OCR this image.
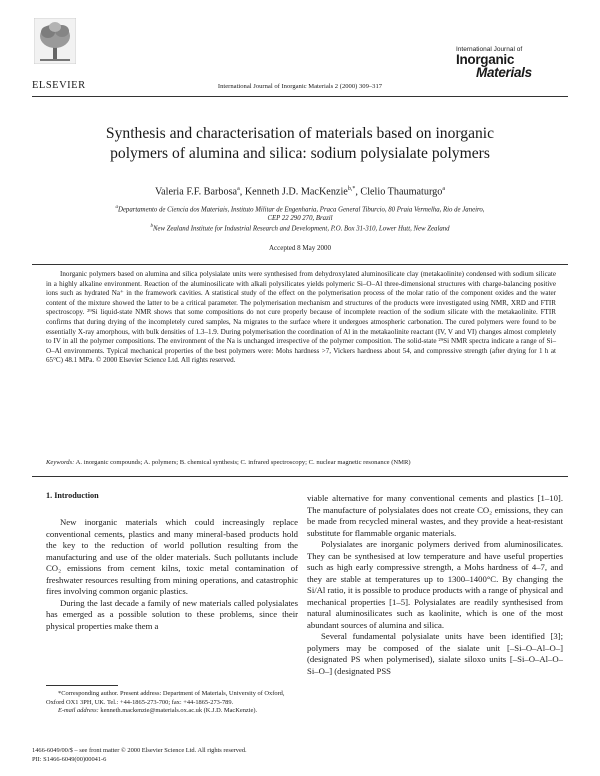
ELSEVIER	International Journal of Inorganic Materials 2 (2000) 309–317
International Journal of
Inorganic
Materials
Synthesis and characterisation of materials based on inorganic
polymers of alumina and silica: sodium polysialate polymers
Valeria F.F. Barbosa$^a$, Kenneth J.D. MacKenzie$^{b,*}$, Clelio Thaumaturgo$^a$
$^a$Departamento de Ciencia dos Materiais, Instituto Militar de Engenharia, Praca General Tiburcio, 80 Praia Vermelha, Rio de Janeiro,
CEP 22 290 270, Brazil
$^b$New Zealand Institute for Industrial Research and Development, P.O. Box 31-310, Lower Hutt, New Zealand
Accepted 8 May 2000

Inorganic polymers based on alumina and silica polysialate units were synthesised from dehydroxylated aluminosilicate clay (metakaolinite) condensed with sodium silicate in a highly alkaline environment. Reaction of the aluminosilicate with alkali polysilicates yields polymeric Si–O–Al three-dimensional structures with charge-balancing positive ions such as hydrated Na⁺ in the framework cavities. A statistical study of the effect on the polymerisation process of the molar ratio of the component oxides and the water content of the mixture showed the latter to be a critical parameter. The polymerisation mechanism and structures of the products were investigated using NMR, XRD and FTIR spectroscopy. ²⁹Si liquid-state NMR shows that some compositions do not cure properly because of incomplete reaction of the sodium silicate with the metakaolinite. FTIR confirms that during drying of the incompletely cured samples, Na migrates to the surface where it undergoes atmospheric carbonation. The cured polymers were found to be essentially X-ray amorphous, with bulk densities of 1.3–1.9. During polymerisation the coordination of Al in the metakaolinite reactant (IV, V and VI) changes almost completely to IV in all the polymer compositions. The environment of the Na is unchanged irrespective of the polymer composition. The solid-state ²⁹Si NMR spectra indicate a range of Si–O–Al environments. Typical mechanical properties of the best polymers were: Mohs hardness >7, Vickers hardness about 54, and compressive strength (after drying for 1 h at 65°C) 48.1 MPa. © 2000 Elsevier Science Ltd. All rights reserved.

Keywords: A. inorganic compounds; A. polymers; B. chemical synthesis; C. infrared spectroscopy; C. nuclear magnetic resonance (NMR)
1. Introduction

New inorganic materials which could increasingly replace conventional cements, plastics and many mineral-based products hold the key to the reduction of world pollution resulting from the manufacturing and use of the older materials. Such pollutants include CO₂ emissions from cement kilns, toxic metal contamination of freshwater resources resulting from mining operations, and catastrophic fires involving common organic plastics.

During the last decade a family of new materials called polysialates has emerged as a possible solution to these problems, since their physical properties make them a

viable alternative for many conventional cements and plastics [1–10]. The manufacture of polysialates does not create CO₂ emissions, they can be made from recycled mineral wastes, and they provide a heat-resistant substitute for flammable organic materials.

Polysialates are inorganic polymers derived from aluminosilicates. They can be synthesised at low temperature and have useful properties such as high early compressive strength, a Mohs hardness of 4–7, and they are stable at temperatures up to 1300–1400°C. By changing the Si/Al ratio, it is possible to produce products with a range of physical and mechanical properties [1–5]. Polysialates are readily synthesised from natural aluminosilicates such as kaolinite, which is one of the most abundant sources of alumina and silica.

Several fundamental polysialate units have been identified [3]; polymers may be composed of the sialate unit [–Si–O–Al–O–] (designated PS when polymerised), sialate siloxo units [–Si–O–Al–O–Si–O–] (designated PSS

*Corresponding author. Present address: Department of Materials, University of Oxford, Oxford OX1 3PH, UK. Tel.: +44-1865-273-700; fax: +44-1865-273-789.

E-mail address: kenneth.mackenzie@materials.ox.ac.uk (K.J.D. MacKenzie).

1466-6049/00/$ – see front matter © 2000 Elsevier Science Ltd. All rights reserved.
PII: S1466-6049(00)00041-6
